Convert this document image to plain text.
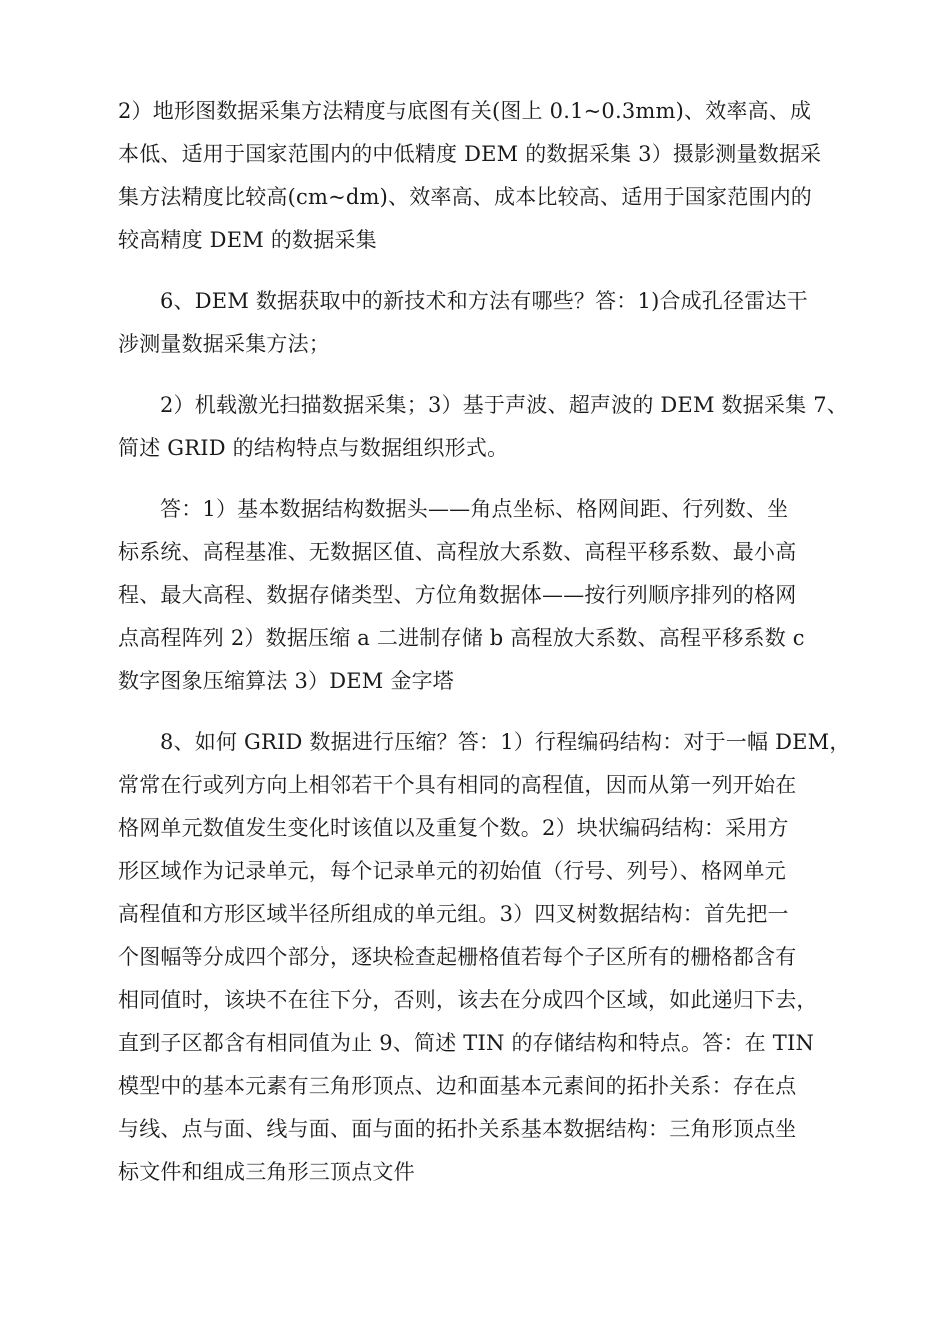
2）地形图数据采集方法精度与底图有关(图上 0.1~0.3mm)、效率高、成
本低、适用于国家范围内的中低精度 DEM 的数据采集 3）摄影测量数据采
集方法精度比较高(cm~dm)、效率高、成本比较高、适用于国家范围内的
较高精度 DEM 的数据采集
6、DEM 数据获取中的新技术和方法有哪些？答：1)合成孔径雷达干
涉测量数据采集方法；
2）机载激光扫描数据采集；3）基于声波、超声波的 DEM 数据采集 7、
简述 GRID 的结构特点与数据组织形式。
答：1）基本数据结构数据头——角点坐标、格网间距、行列数、坐
标系统、高程基准、无数据区值、高程放大系数、高程平移系数、最小高
程、最大高程、数据存储类型、方位角数据体——按行列顺序排列的格网
点高程阵列 2）数据压缩 a 二进制存储 b 高程放大系数、高程平移系数 c
数字图象压缩算法 3）DEM 金字塔
8、如何 GRID 数据进行压缩？答：1）行程编码结构：对于一幅 DEM，
常常在行或列方向上相邻若干个具有相同的高程值，因而从第一列开始在
格网单元数值发生变化时该值以及重复个数。2）块状编码结构：采用方
形区域作为记录单元，每个记录单元的初始值（行号、列号）、格网单元
高程值和方形区域半径所组成的单元组。3）四叉树数据结构：首先把一
个图幅等分成四个部分，逐块检查起栅格值若每个子区所有的栅格都含有
相同值时，该块不在往下分，否则，该去在分成四个区域，如此递归下去，
直到子区都含有相同值为止 9、简述 TIN 的存储结构和特点。答：在 TIN
模型中的基本元素有三角形顶点、边和面基本元素间的拓扑关系：存在点
与线、点与面、线与面、面与面的拓扑关系基本数据结构：三角形顶点坐
标文件和组成三角形三顶点文件
